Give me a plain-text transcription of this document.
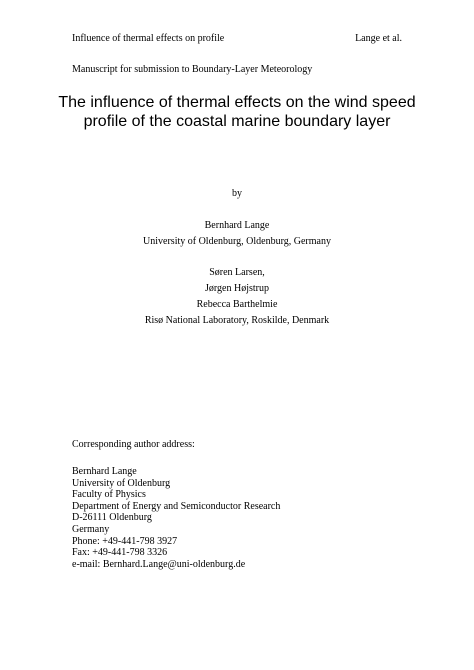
Influence of thermal effects on profile	Lange et al.
Manuscript for submission to Boundary-Layer Meteorology
The influence of thermal effects on the wind speed
profile of the coastal marine boundary layer
by
Bernhard Lange
University of Oldenburg, Oldenburg, Germany
Søren Larsen,
Jørgen Højstrup
Rebecca Barthelmie
Risø National Laboratory, Roskilde, Denmark
Corresponding author address:
Bernhard Lange
University of Oldenburg
Faculty of Physics
Department of Energy and Semiconductor Research
D-26111 Oldenburg
Germany
Phone: +49-441-798 3927
Fax: +49-441-798 3326
e-mail: Bernhard.Lange@uni-oldenburg.de
